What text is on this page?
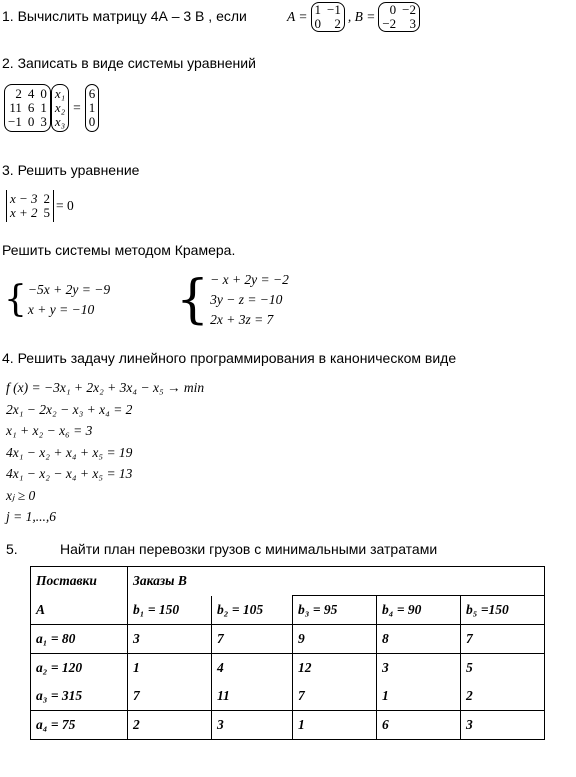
1. Вычислить матрицу 4А – 3 В , если	A = 1	−1
0	2 , B = 0	−2
−2	3
2. Записать в виде системы уравнений
2	4	0
11	6	1
−1	0	3
x₁
x₂
x₃
=
6
1
0
3. Решить уравнение
x − 3	2
x + 2	5 = 0
Решить системы методом Крамера.
{ −5x + 2y = −9
x + y = −10	{ − x + 2y = −2
3y − z = −10
2x + 3z = 7
4. Решить задачу линейного программирования в каноническом виде
f (x) = −3x₁ + 2x₂ + 3x₄ − x₅ → min
2x₁ − 2x₂ − x₃ + x₄ = 2
x₁ + x₂ − x₆ = 3
4x₁ − x₂ + x₄ + x₅ = 19
4x₁ − x₂ − x₄ + x₅ = 13
xⱼ ≥ 0
j = 1,...,6
5.	Найти план перевозки грузов с минимальными затратами
Поставки	Заказы B				
A	b₁ = 150	b₂ = 105	b₃ = 95	b₄ = 90	b₅ =150
a₁ = 80	3	7	9	8	7
a₂ = 120	1	4	12	3	5
a₃ = 315	7	11	7	1	2
a₄ = 75	2	3	1	6	3
